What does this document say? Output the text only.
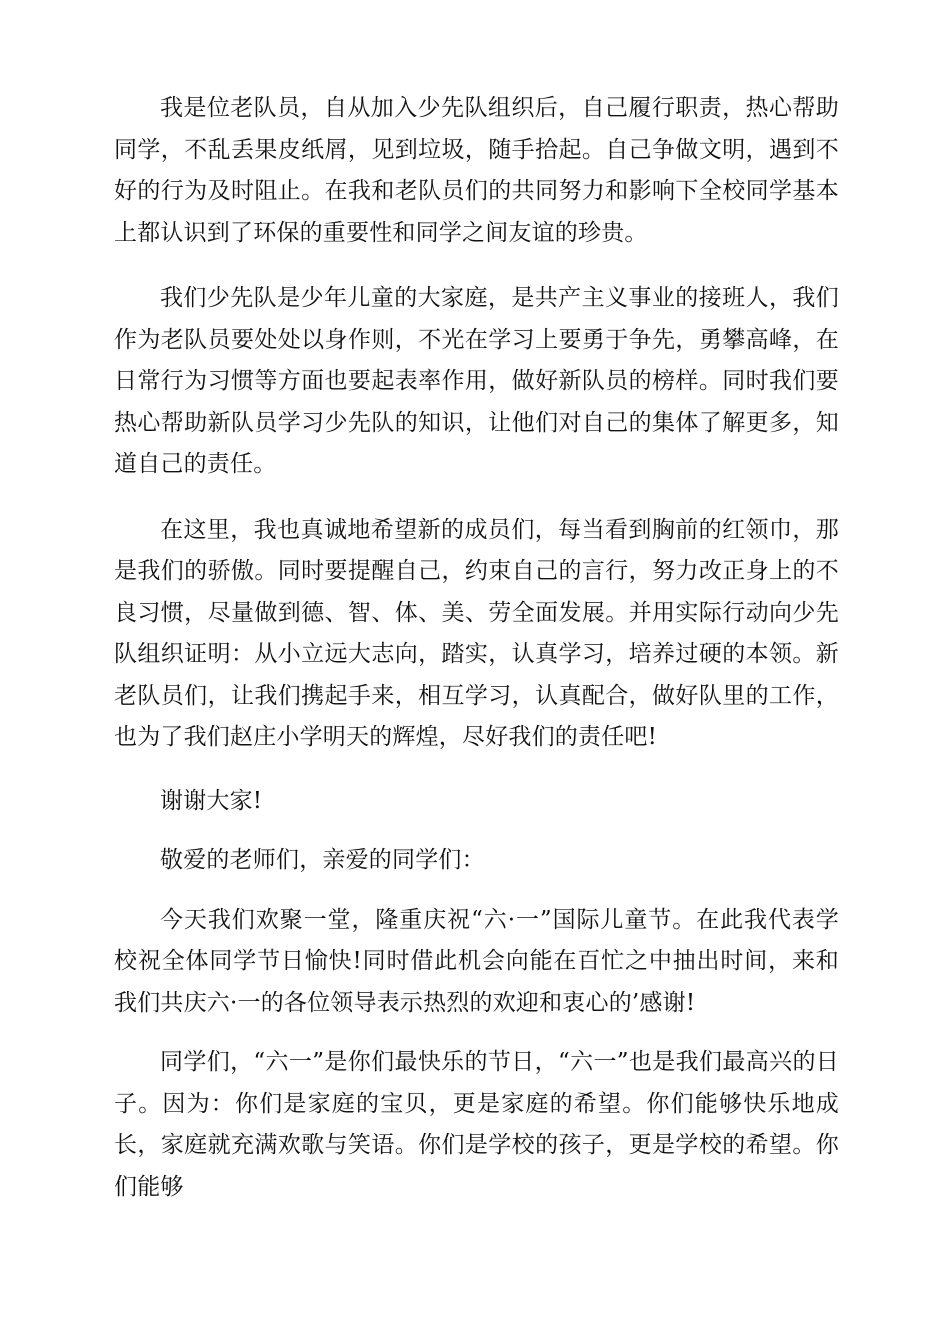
我是位老队员，自从加入少先队组织后，自己履行职责，热心帮助同学，不乱丢果皮纸屑，见到垃圾，随手拾起。自己争做文明，遇到不好的行为及时阻止。在我和老队员们的共同努力和影响下全校同学基本上都认识到了环保的重要性和同学之间友谊的珍贵。

我们少先队是少年儿童的大家庭，是共产主义事业的接班人，我们作为老队员要处处以身作则，不光在学习上要勇于争先，勇攀高峰，在日常行为习惯等方面也要起表率作用，做好新队员的榜样。同时我们要热心帮助新队员学习少先队的知识，让他们对自己的集体了解更多，知道自己的责任。

在这里，我也真诚地希望新的成员们，每当看到胸前的红领巾，那是我们的骄傲。同时要提醒自己，约束自己的言行，努力改正身上的不良习惯，尽量做到德、智、体、美、劳全面发展。并用实际行动向少先队组织证明：从小立远大志向，踏实，认真学习，培养过硬的本领。新老队员们，让我们携起手来，相互学习，认真配合，做好队里的工作，也为了我们赵庄小学明天的辉煌，尽好我们的责任吧!

谢谢大家!

敬爱的老师们，亲爱的同学们：

今天我们欢聚一堂，隆重庆祝“六·一”国际儿童节。在此我代表学校祝全体同学节日愉快!同时借此机会向能在百忙之中抽出时间，来和我们共庆六·一的各位领导表示热烈的欢迎和衷心的’感谢!

同学们，“六一”是你们最快乐的节日，“六一”也是我们最高兴的日子。因为：你们是家庭的宝贝，更是家庭的希望。你们能够快乐地成长，家庭就充满欢歌与笑语。你们是学校的孩子，更是学校的希望。你们能够
